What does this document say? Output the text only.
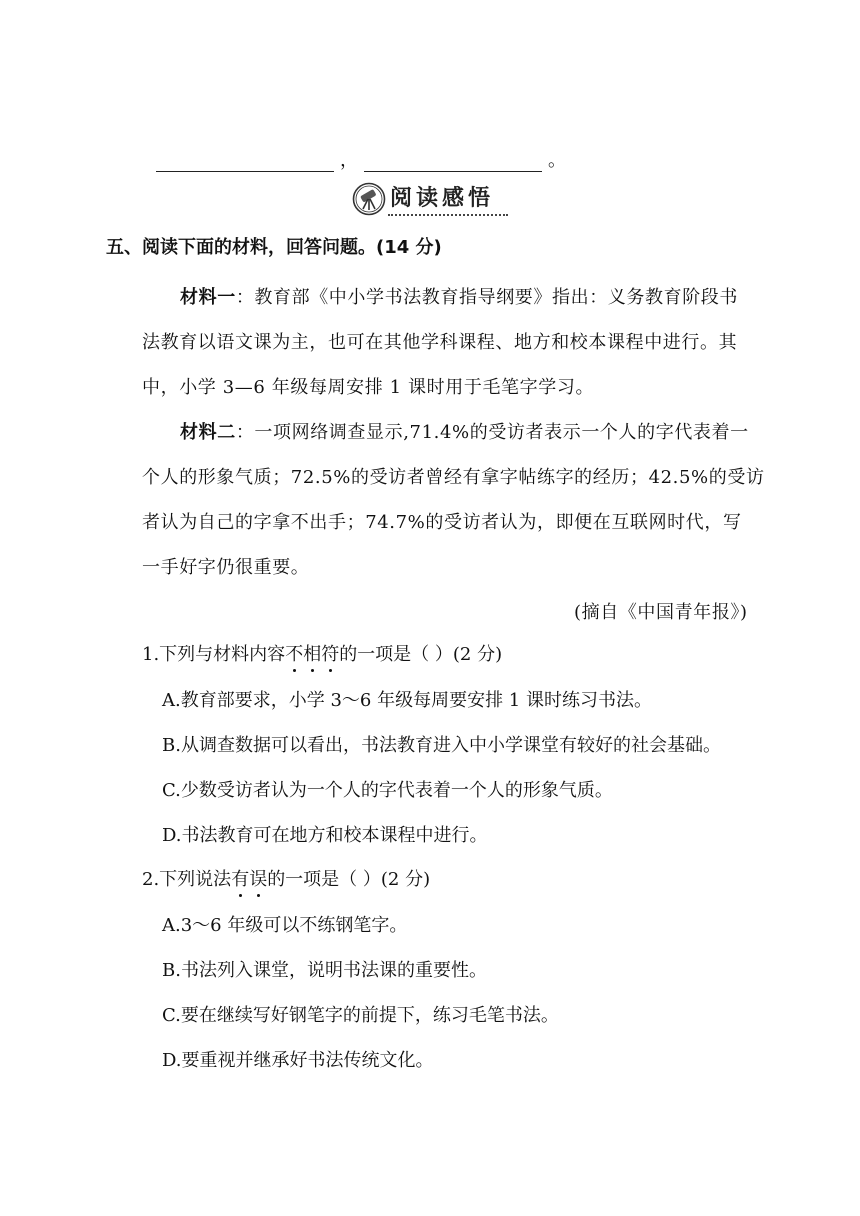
，	。
阅读感悟
五、阅读下面的材料，回答问题。(14 分)
材料一：教育部《中小学书法教育指导纲要》指出：义务教育阶段书
法教育以语文课为主，也可在其他学科课程、地方和校本课程中进行。其
中，小学 3—6 年级每周安排 1 课时用于毛笔字学习。
材料二：一项网络调查显示,71.4%的受访者表示一个人的字代表着一
个人的形象气质；72.5%的受访者曾经有拿字帖练字的经历；42.5%的受访
者认为自己的字拿不出手；74.7%的受访者认为，即便在互联网时代，写
一手好字仍很重要。
(摘自《中国青年报》)
1.下列与材料内容不相符的一项是（ ）(2 分)
A.教育部要求，小学 3～6 年级每周要安排 1 课时练习书法。
B.从调查数据可以看出，书法教育进入中小学课堂有较好的社会基础。
C.少数受访者认为一个人的字代表着一个人的形象气质。
D.书法教育可在地方和校本课程中进行。
2.下列说法有误的一项是（ ）(2 分)
A.3～6 年级可以不练钢笔字。
B.书法列入课堂，说明书法课的重要性。
C.要在继续写好钢笔字的前提下，练习毛笔书法。
D.要重视并继承好书法传统文化。
